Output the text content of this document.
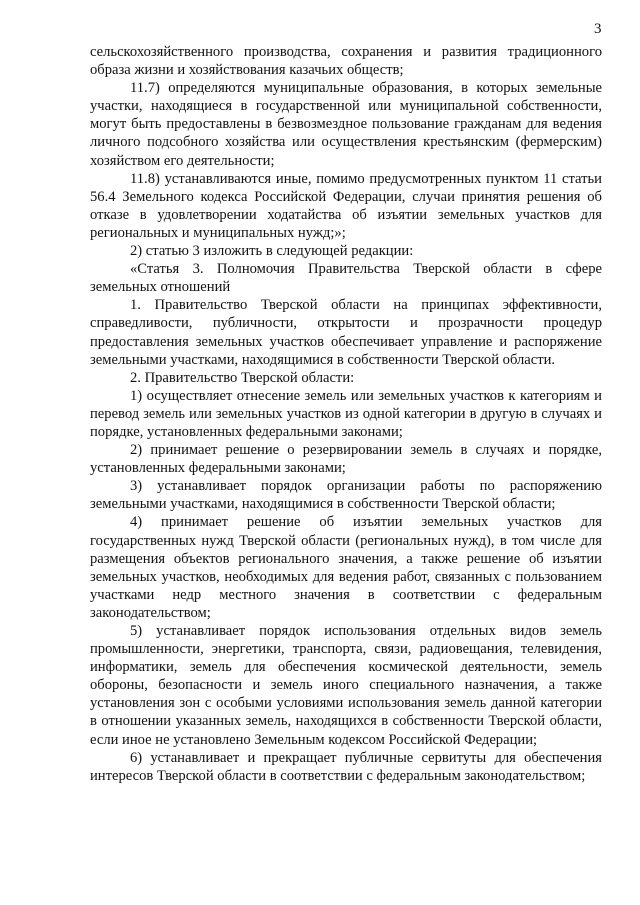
3

сельскохозяйственного производства, сохранения и развития традиционного образа жизни и хозяйствования казачьих обществ;

11.7) определяются муниципальные образования, в которых земельные участки, находящиеся в государственной или муниципальной собственности, могут быть предоставлены в безвозмездное пользование гражданам для ведения личного подсобного хозяйства или осуществления крестьянским (фермерским) хозяйством его деятельности;

11.8) устанавливаются иные, помимо предусмотренных пунктом 11 статьи 56.4 Земельного кодекса Российской Федерации, случаи принятия решения об отказе в удовлетворении ходатайства об изъятии земельных участков для региональных и муниципальных нужд;»;

2) статью 3 изложить в следующей редакции:

«Статья 3. Полномочия Правительства Тверской области в сфере земельных отношений

1. Правительство Тверской области на принципах эффективности, справедливости, публичности, открытости и прозрачности процедур предоставления земельных участков обеспечивает управление и распоряжение земельными участками, находящимися в собственности Тверской области.

2. Правительство Тверской области:

1) осуществляет отнесение земель или земельных участков к категориям и перевод земель или земельных участков из одной категории в другую в случаях и порядке, установленных федеральными законами;

2) принимает решение о резервировании земель в случаях и порядке, установленных федеральными законами;

3) устанавливает порядок организации работы по распоряжению земельными участками, находящимися в собственности Тверской области;

4) принимает решение об изъятии земельных участков для государственных нужд Тверской области (региональных нужд), в том числе для размещения объектов регионального значения, а также решение об изъятии земельных участков, необходимых для ведения работ, связанных с пользованием участками недр местного значения в соответствии с федеральным законодательством;

5) устанавливает порядок использования отдельных видов земель промышленности, энергетики, транспорта, связи, радиовещания, телевидения, информатики, земель для обеспечения космической деятельности, земель обороны, безопасности и земель иного специального назначения, а также установления зон с особыми условиями использования земель данной категории в отношении указанных земель, находящихся в собственности Тверской области, если иное не установлено Земельным кодексом Российской Федерации;

6) устанавливает и прекращает публичные сервитуты для обеспечения интересов Тверской области в соответствии с федеральным законодательством;
